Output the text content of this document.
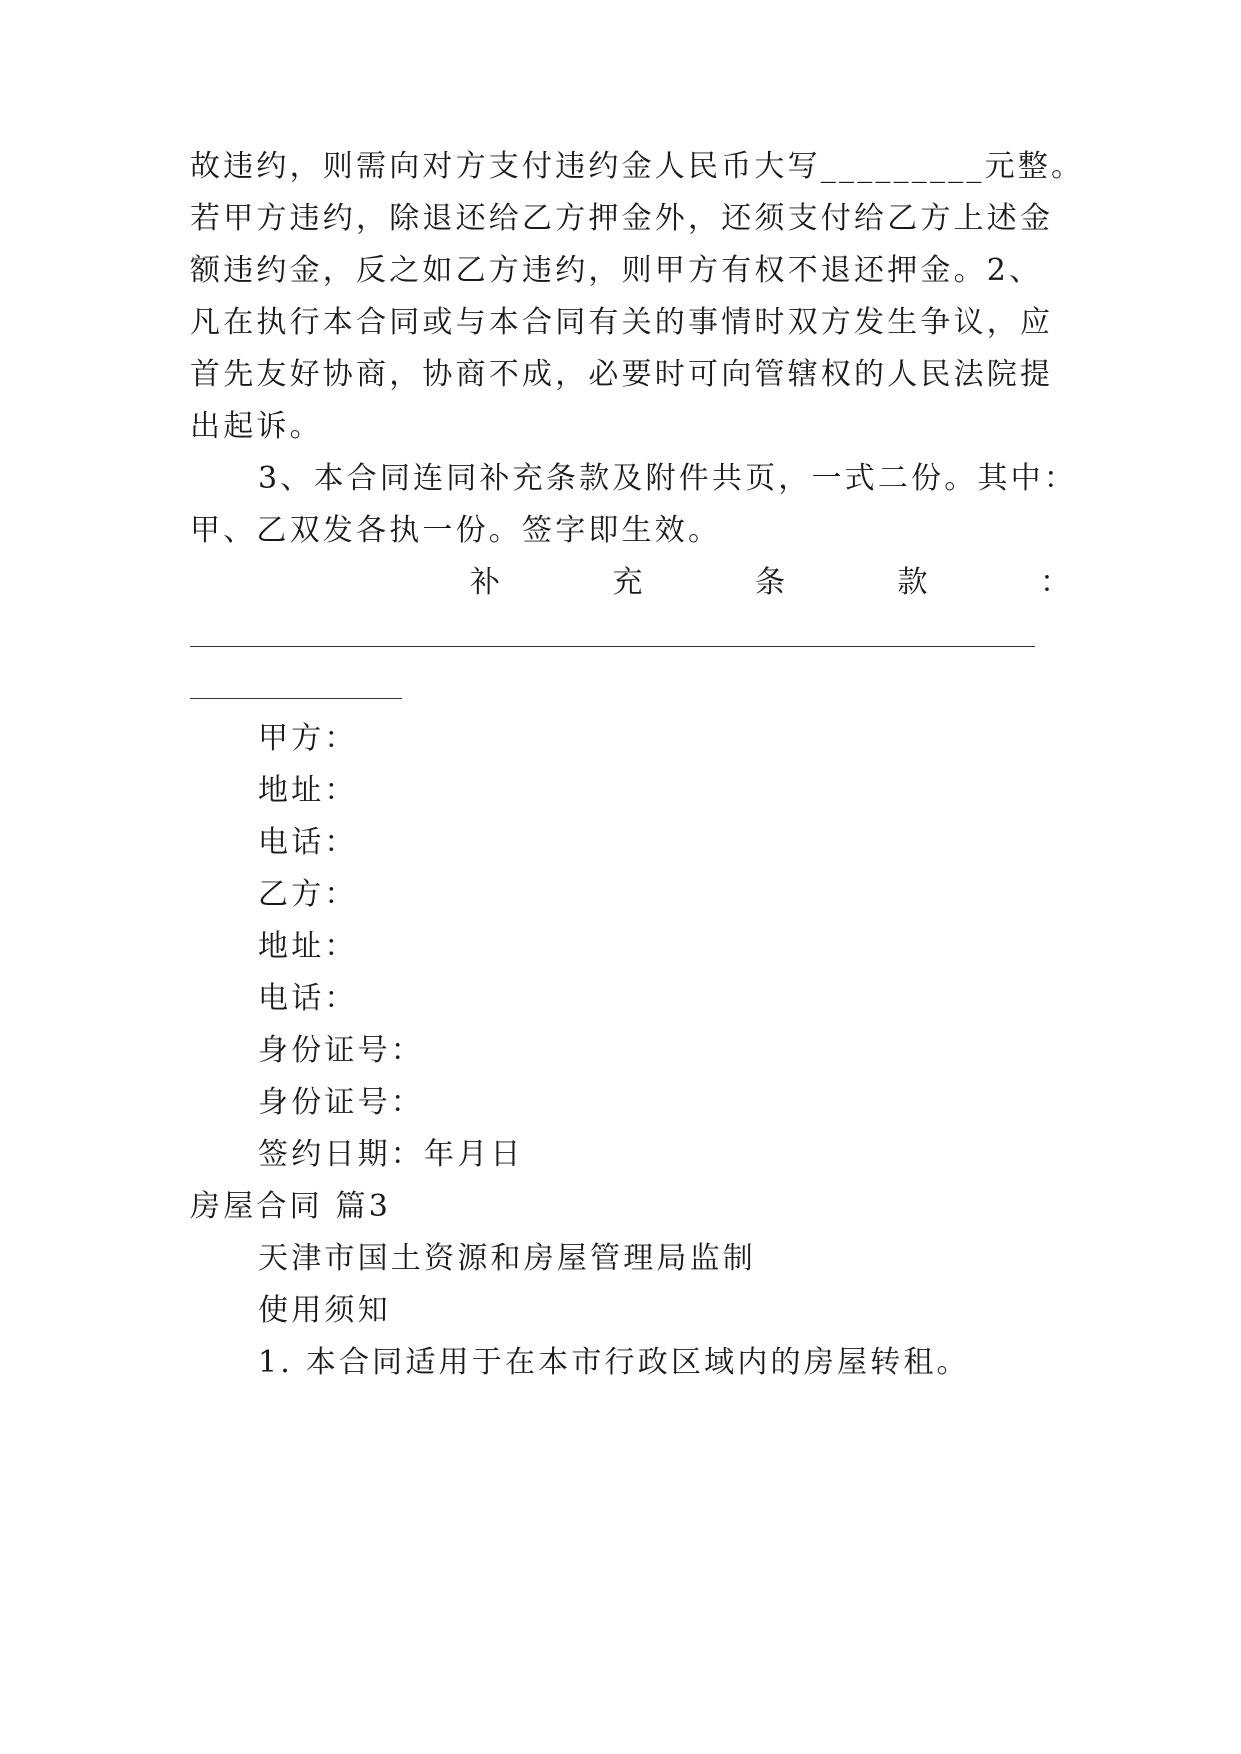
故违约，则需向对方支付违约金人民币大写_________元整。
若甲方违约，除退还给乙方押金外，还须支付给乙方上述金
额违约金，反之如乙方违约，则甲方有权不退还押金。2、
凡在执行本合同或与本合同有关的事情时双方发生争议，应
首先友好协商，协商不成，必要时可向管辖权的人民法院提
出起诉。
3、本合同连同补充条款及附件共页，一式二份。其中：
甲、乙双发各执一份。签字即生效。
补	充	条	款	：
甲方：
地址：
电话：
乙方：
地址：
电话：
身份证号：
身份证号：
签约日期：年月日
房屋合同 篇3
天津市国土资源和房屋管理局监制
使用须知
1. 本合同适用于在本市行政区域内的房屋转租。
